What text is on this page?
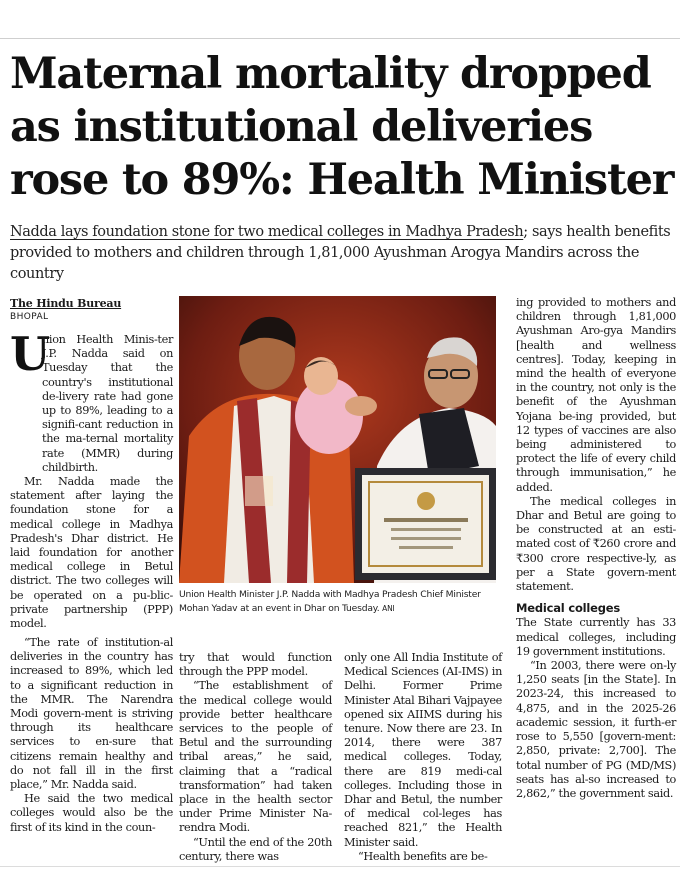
Maternal mortality dropped as institutional deliveries rose to 89%: Health Minister
Nadda lays foundation stone for two medical colleges in Madhya Pradesh; says health benefits provided to mothers and children through 1,81,000 Ayushman Arogya Mandirs across the country
The Hindu Bureau
BHOPAL
U

nion Health Minis-ter J.P. Nadda said on Tuesday that the country's institutional de-livery rate had gone up to 89%, leading to a signifi-cant reduction in the ma-ternal mortality rate (MMR) during childbirth.

Mr. Nadda made the statement after laying the foundation stone for a medical college in Madhya Pradesh's Dhar district. He laid foundation for another medical college in Betul district. The two colleges will be operated on a pu-blic-private partnership (PPP) model.

“The rate of institution-al deliveries in the country has increased to 89%, which led to a significant reduction in the MMR. The Narendra Modi govern-ment is striving through its healthcare services to en-sure that citizens remain healthy and do not fall ill in the first place,” Mr. Nadda said.

He said the two medical colleges would also be the first of its kind in the coun-

Union Health Minister J.P. Nadda with Madhya Pradesh Chief Minister Mohan Yadav at an event in Dhar on Tuesday. ANI

try that would function through the PPP model.

“The establishment of the medical college would provide better healthcare services to the people of Betul and the surrounding tribal areas,” he said, claiming that a “radical transformation” had taken place in the health sector under Prime Minister Na-rendra Modi.

“Until the end of the 20th century, there was

only one All India Institute of Medical Sciences (AI-IMS) in Delhi. Former Prime Minister Atal Bihari Vajpayee opened six AIIMS during his tenure. Now there are 23. In 2014, there were 387 medical colleges. Today, there are 819 medi-cal colleges. Including those in Dhar and Betul, the number of medical col-leges has reached 821,” the Health Minister said.

“Health benefits are be-

ing provided to mothers and children through 1,81,000 Ayushman Aro-gya Mandirs [health and wellness centres]. Today, keeping in mind the health of everyone in the country, not only is the benefit of the Ayushman Yojana be-ing provided, but 12 types of vaccines are also being administered to protect the life of every child through immunisation,” he added.

The medical colleges in Dhar and Betul are going to be constructed at an esti-mated cost of ₹260 crore and ₹300 crore respective-ly, as per a State govern-ment statement.

Medical colleges

The State currently has 33 medical colleges, including 19 government institutions.

“In 2003, there were on-ly 1,250 seats [in the State]. In 2023-24, this increased to 4,875, and in the 2025-26 academic session, it furth-er rose to 5,550 [govern-ment: 2,850, private: 2,700]. The total number of PG (MD/MS) seats has al-so increased to 2,862,” the government said.
